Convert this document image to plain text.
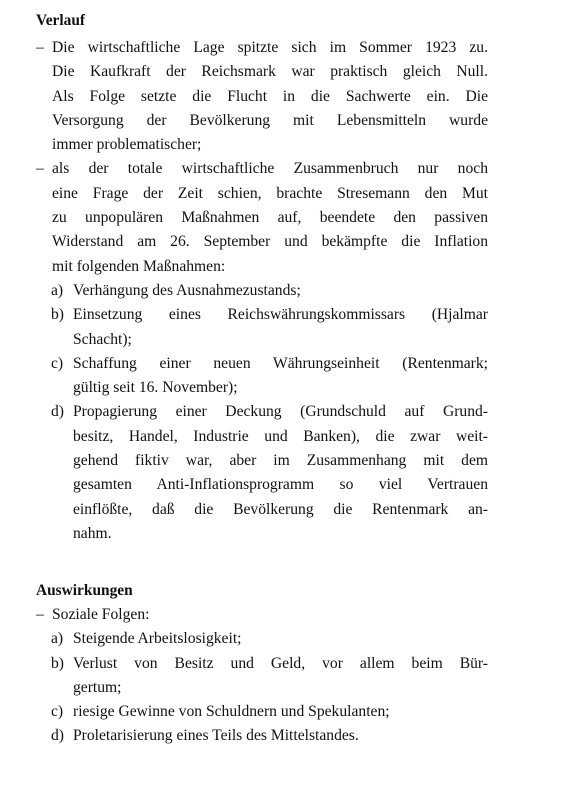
Verlauf
– Die wirtschaftliche Lage spitzte sich im Sommer 1923 zu.
Die Kaufkraft der Reichsmark war praktisch gleich Null.
Als Folge setzte die Flucht in die Sachwerte ein. Die
Versorgung der Bevölkerung mit Lebensmitteln wurde
immer problematischer;
– als der totale wirtschaftliche Zusammenbruch nur noch
eine Frage der Zeit schien, brachte Stresemann den Mut
zu unpopulären Maßnahmen auf, beendete den passiven
Widerstand am 26. September und bekämpfte die Inflation
mit folgenden Maßnahmen:
a) Verhängung des Ausnahmezustands;
b) Einsetzung eines Reichswährungskommissars (Hjalmar
Schacht);
c) Schaffung einer neuen Währungseinheit (Rentenmark;
gültig seit 16. November);
d) Propagierung einer Deckung (Grundschuld auf Grund-
besitz, Handel, Industrie und Banken), die zwar weit-
gehend fiktiv war, aber im Zusammenhang mit dem
gesamten Anti-Inflationsprogramm so viel Vertrauen
einflößte, daß die Bevölkerung die Rentenmark an-
nahm.
Auswirkungen
– Soziale Folgen:
a) Steigende Arbeitslosigkeit;
b) Verlust von Besitz und Geld, vor allem beim Bür-
gertum;
c) riesige Gewinne von Schuldnern und Spekulanten;
d) Proletarisierung eines Teils des Mittelstandes.
